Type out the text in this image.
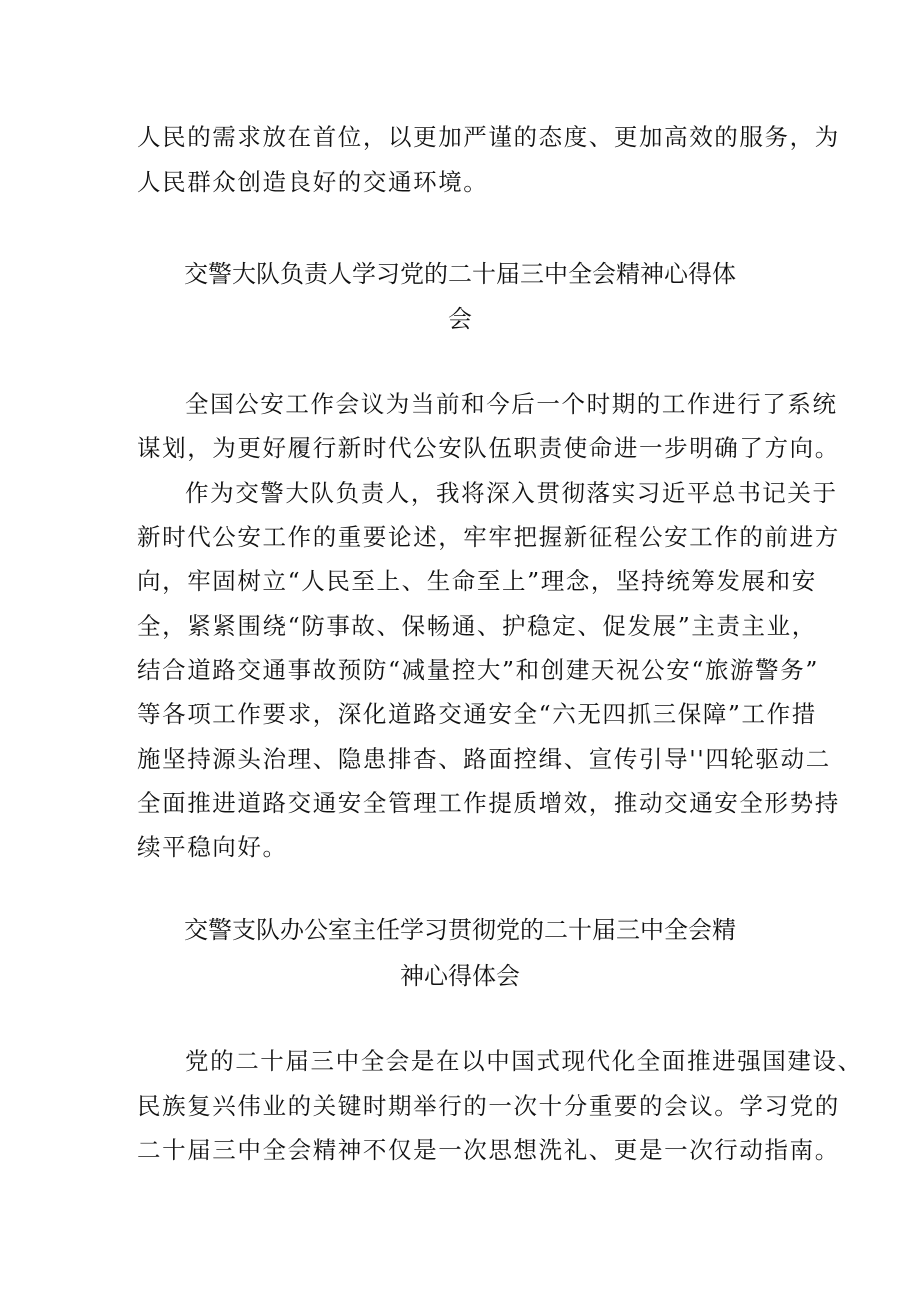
人民的需求放在首位，以更加严谨的态度、更加高效的服务，为
人民群众创造良好的交通环境。
交警大队负责人学习党的二十届三中全会精神心得体
会
全国公安工作会议为当前和今后一个时期的工作进行了系统
谋划，为更好履行新时代公安队伍职责使命进一步明确了方向。
作为交警大队负责人，我将深入贯彻落实习近平总书记关于
新时代公安工作的重要论述，牢牢把握新征程公安工作的前进方
向，牢固树立“人民至上、生命至上”理念，坚持统筹发展和安
全，紧紧围绕“防事故、保畅通、护稳定、促发展”主责主业，
结合道路交通事故预防“减量控大”和创建天祝公安“旅游警务”
等各项工作要求，深化道路交通安全“六无四抓三保障”工作措
施坚持源头治理、隐患排杳、路面控缉、宣传引导''四轮驱动二
全面推进道路交通安全管理工作提质增效，推动交通安全形势持
续平稳向好。
交警支队办公室主任学习贯彻党的二十届三中全会精
神心得体会
党的二十届三中全会是在以中国式现代化全面推进强国建设、
民族复兴伟业的关键时期举行的一次十分重要的会议。学习党的
二十届三中全会精神不仅是一次思想洗礼、更是一次行动指南。
